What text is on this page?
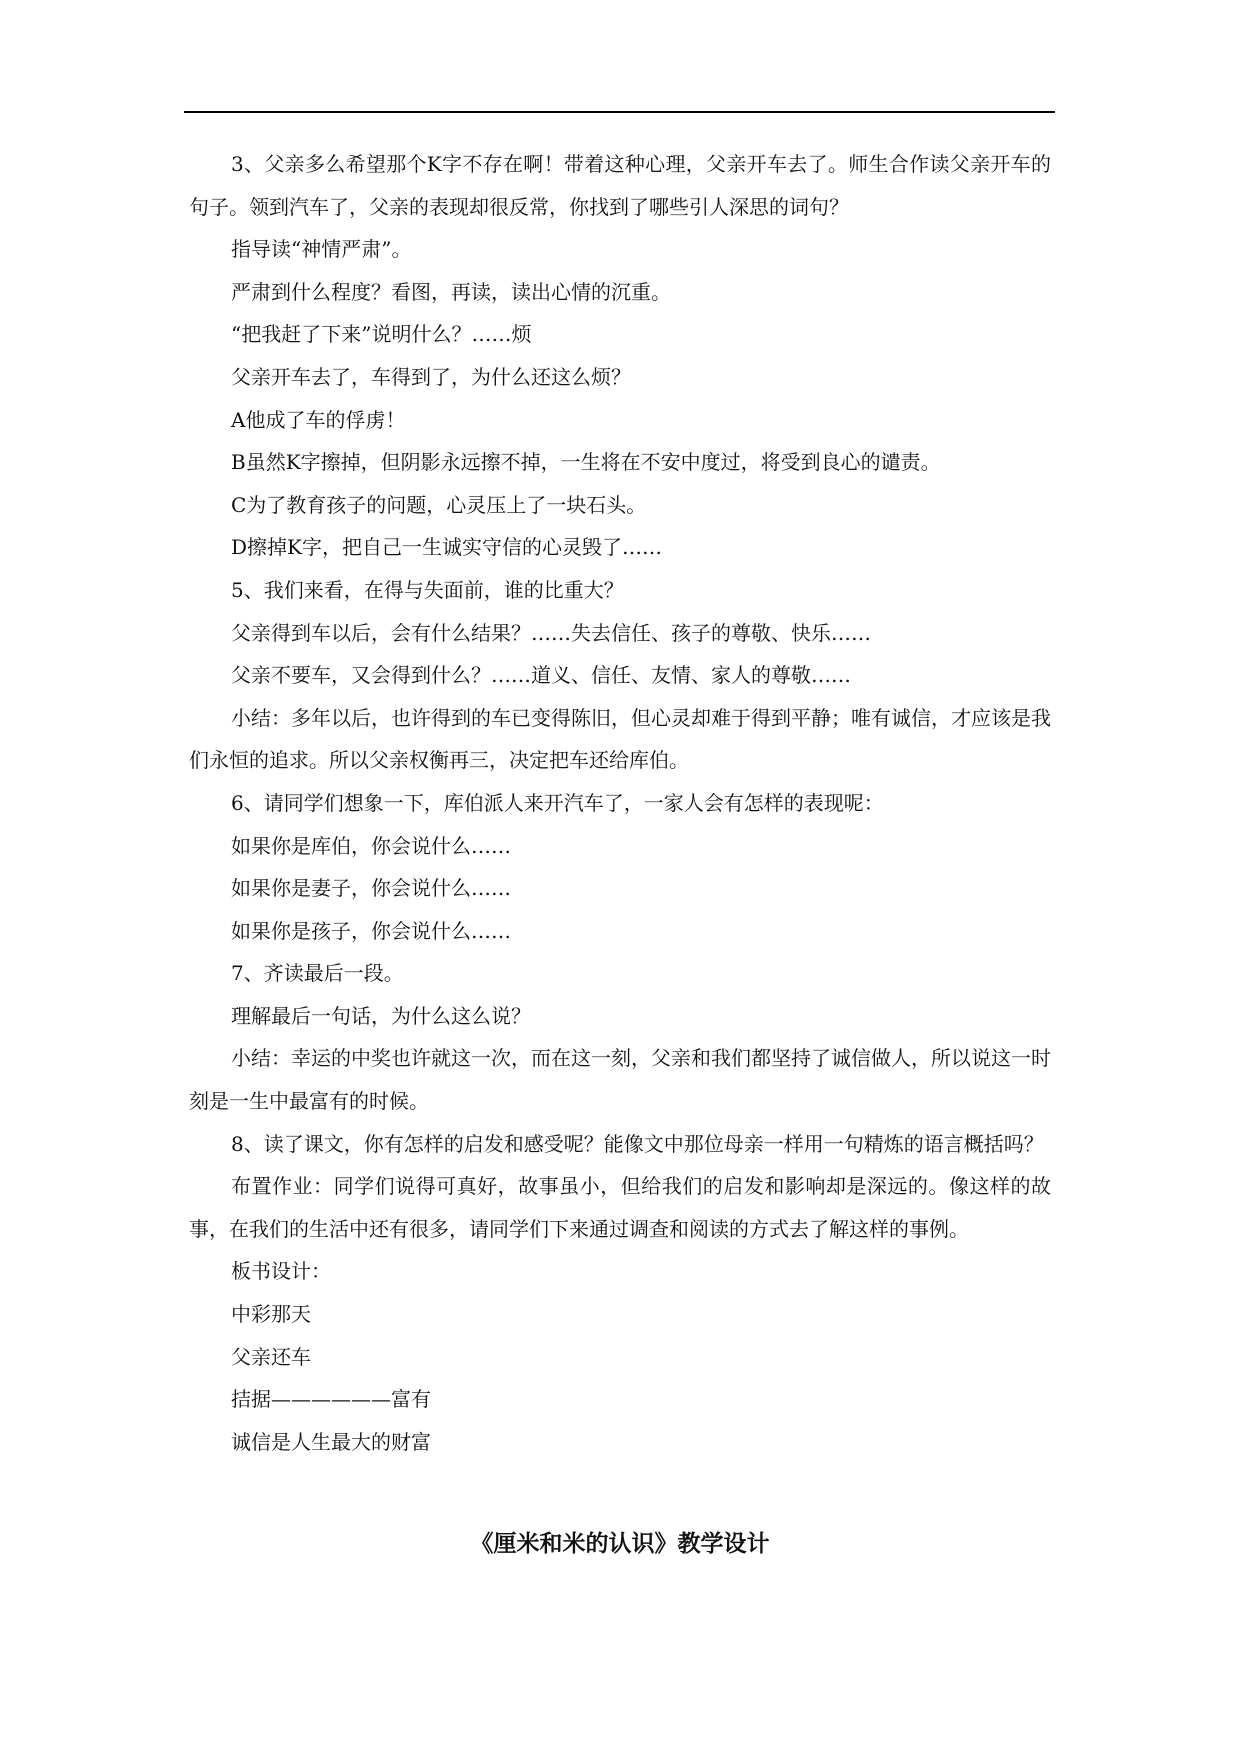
3、父亲多么希望那个K字不存在啊！带着这种心理，父亲开车去了。师生合作读父亲开车的句子。领到汽车了，父亲的表现却很反常，你找到了哪些引人深思的词句？

指导读“神情严肃”。

严肃到什么程度？看图，再读，读出心情的沉重。

“把我赶了下来”说明什么？……烦

父亲开车去了，车得到了，为什么还这么烦？

A他成了车的俘虏！

B虽然K字擦掉，但阴影永远擦不掉，一生将在不安中度过，将受到良心的谴责。

C为了教育孩子的问题，心灵压上了一块石头。

D擦掉K字，把自己一生诚实守信的心灵毁了……

5、我们来看，在得与失面前，谁的比重大？

父亲得到车以后，会有什么结果？……失去信任、孩子的尊敬、快乐……

父亲不要车，又会得到什么？……道义、信任、友情、家人的尊敬……

小结：多年以后，也许得到的车已变得陈旧，但心灵却难于得到平静；唯有诚信，才应该是我们永恒的追求。所以父亲权衡再三，决定把车还给库伯。

6、请同学们想象一下，库伯派人来开汽车了，一家人会有怎样的表现呢：

如果你是库伯，你会说什么……

如果你是妻子，你会说什么……

如果你是孩子，你会说什么……

7、齐读最后一段。

理解最后一句话，为什么这么说？

小结：幸运的中奖也许就这一次，而在这一刻，父亲和我们都坚持了诚信做人，所以说这一时刻是一生中最富有的时候。

8、读了课文，你有怎样的启发和感受呢？能像文中那位母亲一样用一句精炼的语言概括吗？

布置作业：同学们说得可真好，故事虽小，但给我们的启发和影响却是深远的。像这样的故事，在我们的生活中还有很多，请同学们下来通过调查和阅读的方式去了解这样的事例。

板书设计：

中彩那天

父亲还车

拮据——————富有

诚信是人生最大的财富

《厘米和米的认识》教学设计
